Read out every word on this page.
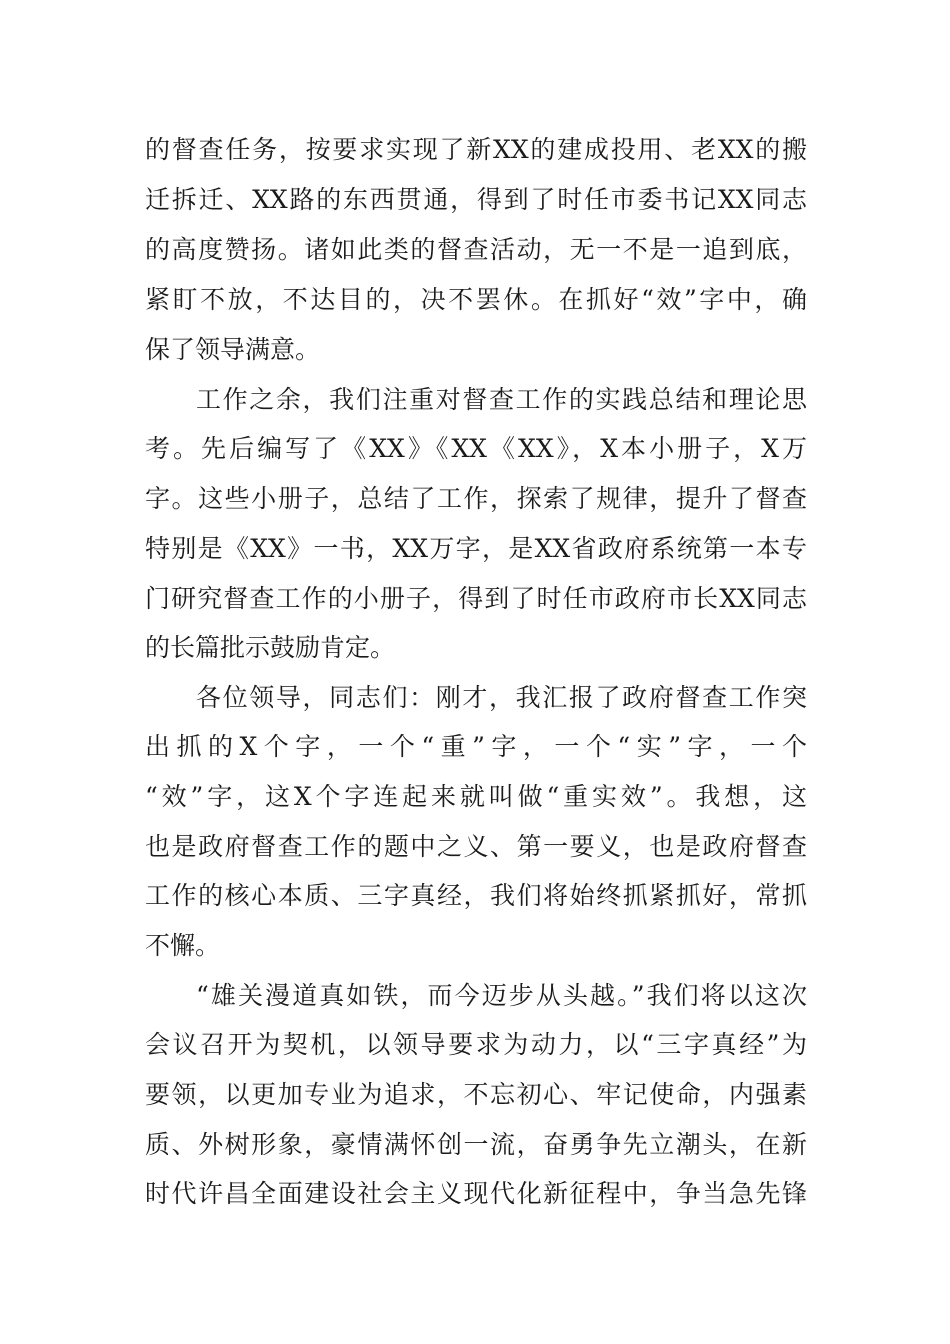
的督查任务，按要求实现了新XX的建成投用、老XX的搬
迁拆迁、XX路的东西贯通，得到了时任市委书记XX同志
的高度赞扬。诸如此类的督查活动，无一不是一追到底，
紧盯不放，不达目的，决不罢休。在抓好“效”字中，确
保了领导满意。
工作之余，我们注重对督查工作的实践总结和理论思
考。先后编写了《XX》《XX《XX》，X本小册子，X万
字。这些小册子，总结了工作，探索了规律，提升了督查
特别是《XX》一书，XX万字，是XX省政府系统第一本专
门研究督查工作的小册子，得到了时任市政府市长XX同志
的长篇批示鼓励肯定。
各位领导，同志们：刚才，我汇报了政府督查工作突
出抓的X个字，一个“重”字，一个“实”字，一个
“效”字，这X个字连起来就叫做“重实效”。我想，这
也是政府督查工作的题中之义、第一要义，也是政府督查
工作的核心本质、三字真经，我们将始终抓紧抓好，常抓
不懈。
“雄关漫道真如铁，而今迈步从头越。”我们将以这次
会议召开为契机，以领导要求为动力，以“三字真经”为
要领，以更加专业为追求，不忘初心、牢记使命，内强素
质、外树形象，豪情满怀创一流，奋勇争先立潮头，在新
时代许昌全面建设社会主义现代化新征程中，争当急先锋
